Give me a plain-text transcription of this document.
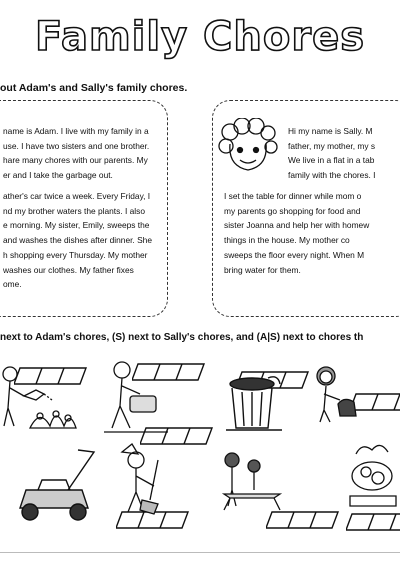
Family Chores
out Adam's and Sally's family chores.
name is Adam. I live with my family in a
use. I have two sisters and one brother.
hare many chores with our parents. My
er and I take the garbage out.
ather's car twice a week. Every Friday, I
nd my brother waters the plants. I also
e morning. My sister, Emily, sweeps the
and washes the dishes after dinner. She
h shopping every Thursday. My mother
washes our clothes. My father fixes
ome.
Hi my name is Sally. M
father, my mother, my s
We live in a flat in a tab
family with the chores. I
I set the table for dinner while mom o
my parents go shopping for food and
sister Joanna and help her with homew
things in the house. My mother co
sweeps the floor every night. When M
bring water for them.
next to Adam's chores, (S) next to Sally's chores, and (A|S) next to chores th
